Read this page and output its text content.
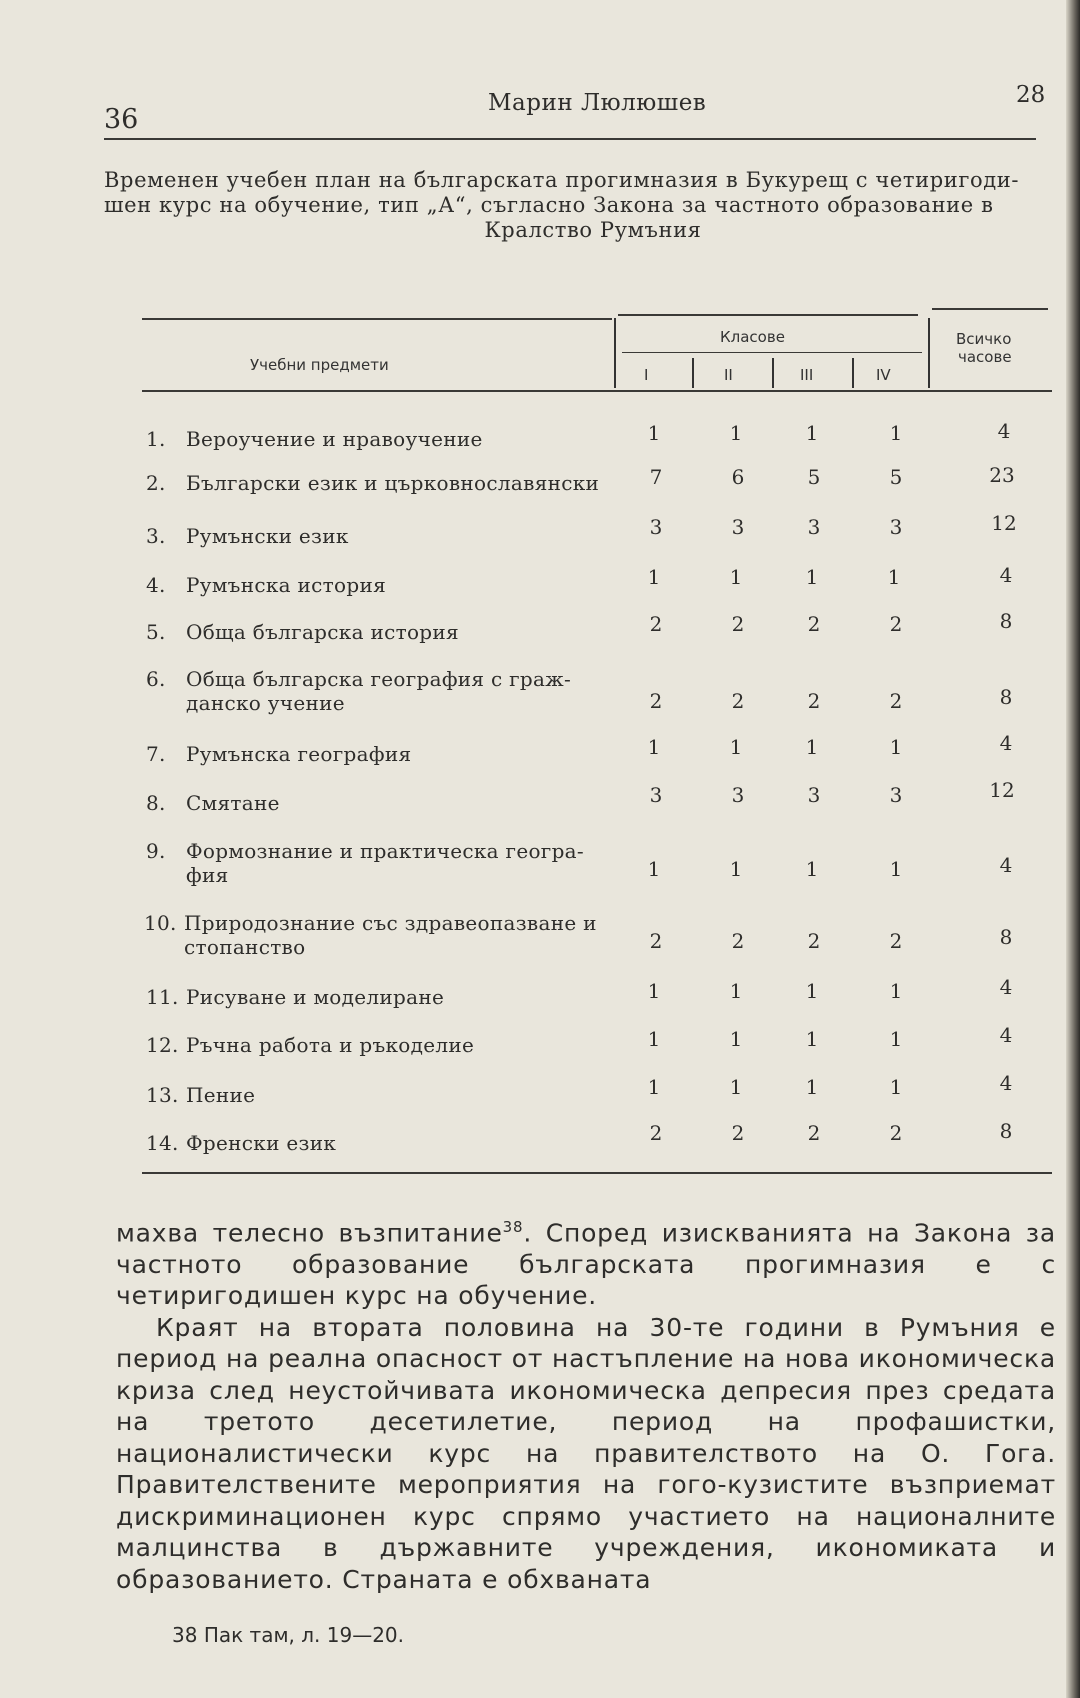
36
Марин Люлюшев	28
Временен учебен план на българската прогимназия в Букурещ с четиригоди-
шен курс на обучение, тип „А“, съгласно Закона за частното образование в

Кралство Румъния
Учебни предмети
Класове	Всичко
часове
I	II	III	IV
1. Вероучение и нравоучение	1	1	1	1	4
2. Български език и църковнославянски	7	6	5	5	23
3. Румънски език	3	3	3	3	12
4. Румънска история	1	1	1	1	4
5. Обща българска история	2	2	2	2	8
6. Обща българска география с граж-
данско учение	2	2	2	2	8
7. Румънска география	1	1	1	1	4
8. Смятане	3	3	3	3	12
9. Формознание и практическа геогра-
фия	1	1	1	1	4
10. Природознание със здравеопазване и
стопанство	2	2	2	2	8
11. Рисуване и моделиране	1	1	1	1	4
12. Ръчна работа и ръкоделие	1	1	1	1	4
13. Пение	1	1	1	1	4
14. Френски език	2	2	2	2	8

махва телесно възпитание$^{38}$. Според изискванията на Закона за частното образование българската прогимназия е с четиригодишен курс на обучение.

Краят на втората половина на 30-те години в Румъния е период на реална опасност от настъпление на нова икономическа криза след неустойчивата икономическа депресия през средата на третото десетилетие, период на профашистки, националистически курс на правителството на О. Гога. Правителствените мероприятия на гого-кузистите възприемат дискриминационен курс спрямо участието на националните малцинства в държавните учреждения, икономиката и образованието. Страната е обхваната

38 Пак там, л. 19—20.
